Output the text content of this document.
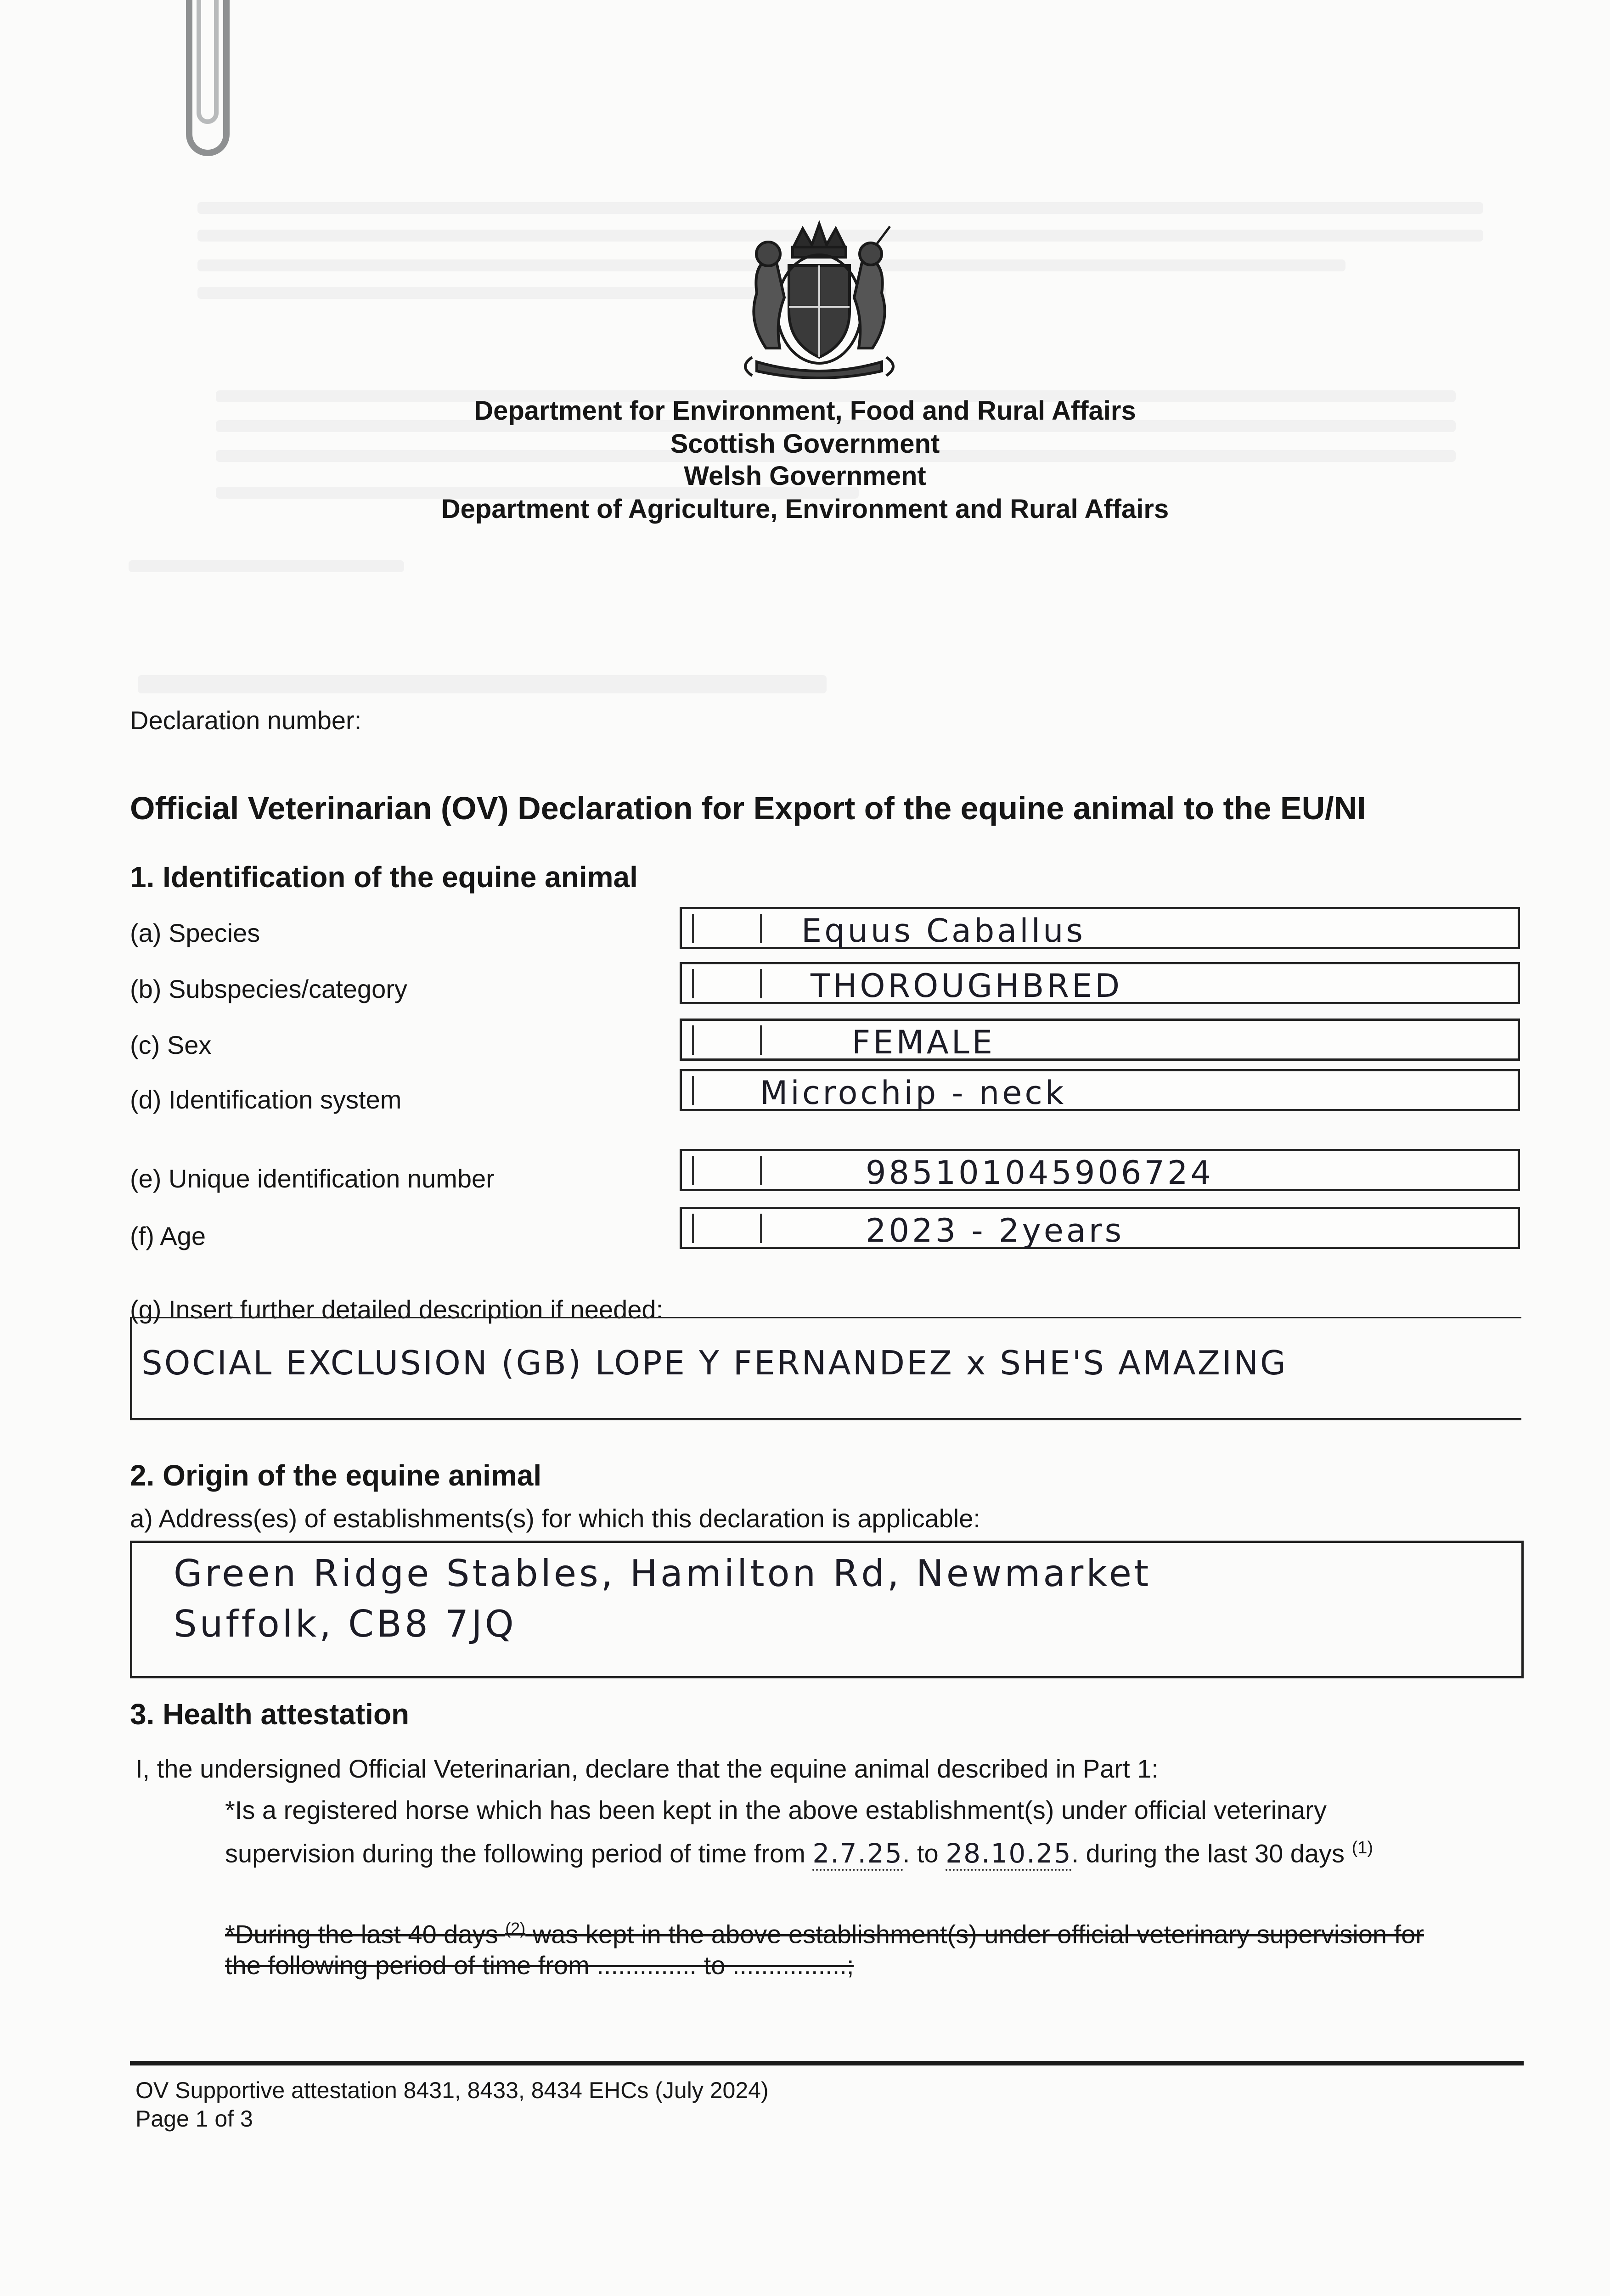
Department for Environment, Food and Rural Affairs
Scottish Government
Welsh Government
Department of Agriculture, Environment and Rural Affairs
Declaration number:
Official Veterinarian (OV) Declaration for Export of the equine animal to the EU/NI
1. Identification of the equine animal
(a) Species	Equus Caballus
(b) Subspecies/category	THOROUGHBRED
(c) Sex	FEMALE
(d) Identification system	Microchip - neck
(e) Unique identification number	985101045906724
(f) Age	2023 - 2years
(g) Insert further detailed description if needed:
SOCIAL EXCLUSION (GB) LOPE Y FERNANDEZ x SHE'S AMAZING
2. Origin of the equine animal
a) Address(es) of establishments(s) for which this declaration is applicable:
Green Ridge Stables, Hamilton Rd, Newmarket
Suffolk, CB8 7JQ
3. Health attestation
I, the undersigned Official Veterinarian, declare that the equine animal described in Part 1:
*Is a registered horse which has been kept in the above establishment(s) under official veterinary
supervision during the following period of time from 2.7.25. to 28.10.25. during the last 30 days $^{(1)}$
*During the last 40 days $^{(2)}$ was kept in the above establishment(s) under official veterinary supervision for
the following period of time from .............. to ................;
OV Supportive attestation 8431, 8433, 8434 EHCs (July 2024)
Page 1 of 3
